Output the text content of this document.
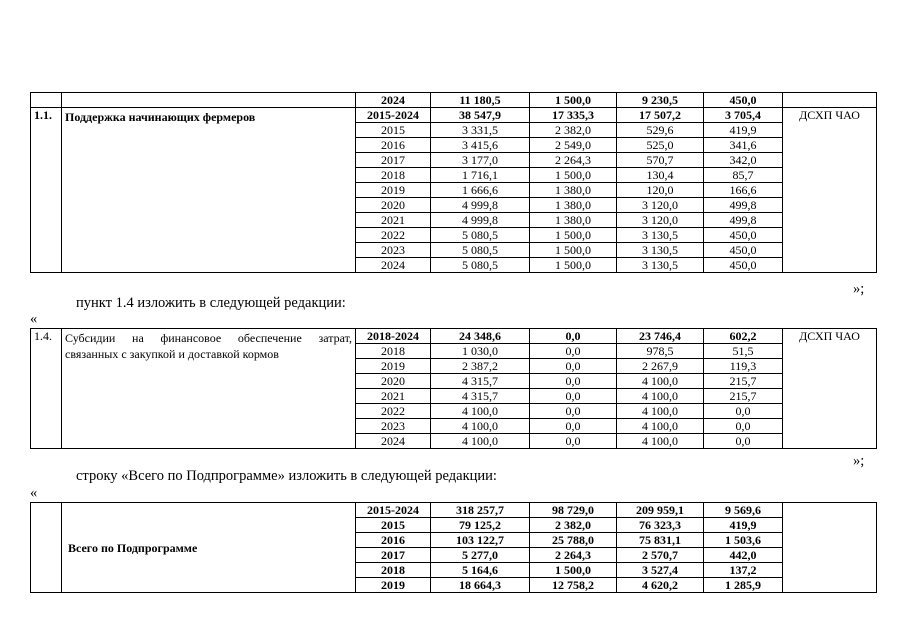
		2024	11 180,5	1 500,0	9 230,5	450,0	
1.1.	Поддержка начинающих фермеров	2015-2024	38 547,9	17 335,3	17 507,2	3 705,4	ДСХП ЧАО
		2015	3 331,5	2 382,0	529,6	419,9	
		2016	3 415,6	2 549,0	525,0	341,6	
		2017	3 177,0	2 264,3	570,7	342,0	
		2018	1 716,1	1 500,0	130,4	85,7	
		2019	1 666,6	1 380,0	120,0	166,6	
		2020	4 999,8	1 380,0	3 120,0	499,8	
		2021	4 999,8	1 380,0	3 120,0	499,8	
		2022	5 080,5	1 500,0	3 130,5	450,0	
		2023	5 080,5	1 500,0	3 130,5	450,0	
		2024	5 080,5	1 500,0	3 130,5	450,0	
»;
пункт 1.4 изложить в следующей редакции:
«
1.4.	Субсидии на финансовое обеспечение затрат, связанных с закупкой и доставкой кормов	2018-2024	24 348,6	0,0	23 746,4	602,2	ДСХП ЧАО
		2018	1 030,0	0,0	978,5	51,5	
		2019	2 387,2	0,0	2 267,9	119,3	
		2020	4 315,7	0,0	4 100,0	215,7	
		2021	4 315,7	0,0	4 100,0	215,7	
		2022	4 100,0	0,0	4 100,0	0,0	
		2023	4 100,0	0,0	4 100,0	0,0	
		2024	4 100,0	0,0	4 100,0	0,0	
»;
строку «Всего по Подпрограмме» изложить в следующей редакции:
«
	Всего по Подпрограмме	2015-2024	318 257,7	98 729,0	209 959,1	9 569,6	
		2015	79 125,2	2 382,0	76 323,3	419,9	
		2016	103 122,7	25 788,0	75 831,1	1 503,6	
		2017	5 277,0	2 264,3	2 570,7	442,0	
		2018	5 164,6	1 500,0	3 527,4	137,2	
		2019	18 664,3	12 758,2	4 620,2	1 285,9	
